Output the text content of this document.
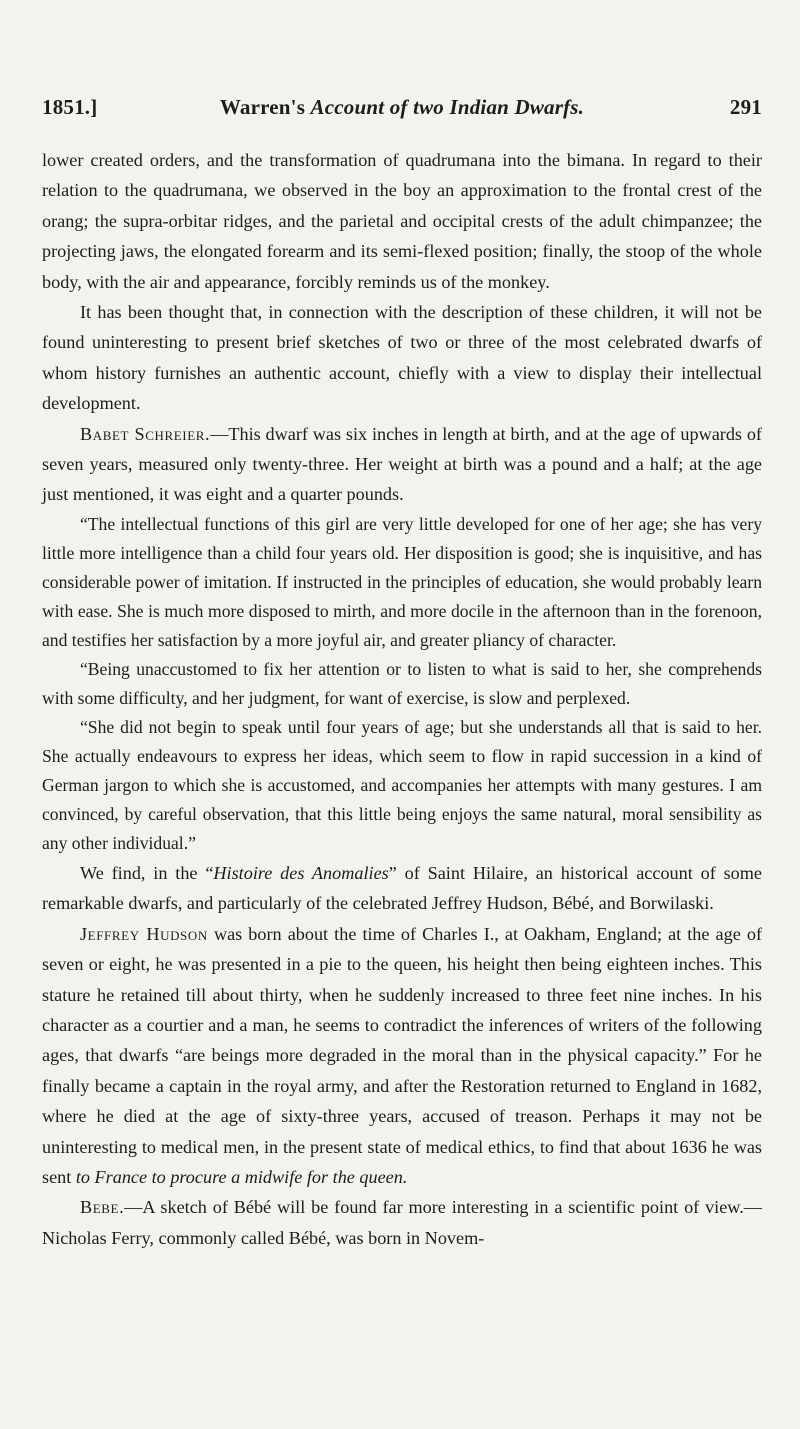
1851.]	Warren's Account of two Indian Dwarfs.	291

lower created orders, and the transformation of quadrumana into the bimana. In regard to their relation to the quadrumana, we observed in the boy an approximation to the frontal crest of the orang; the supra-orbitar ridges, and the parietal and occipital crests of the adult chimpanzee; the projecting jaws, the elongated forearm and its semi-flexed position; finally, the stoop of the whole body, with the air and appearance, forcibly reminds us of the monkey.

It has been thought that, in connection with the description of these children, it will not be found uninteresting to present brief sketches of two or three of the most celebrated dwarfs of whom history furnishes an authentic account, chiefly with a view to display their intellectual development.

Babet Schreier.—This dwarf was six inches in length at birth, and at the age of upwards of seven years, measured only twenty-three. Her weight at birth was a pound and a half; at the age just mentioned, it was eight and a quarter pounds.

“The intellectual functions of this girl are very little developed for one of her age; she has very little more intelligence than a child four years old. Her disposition is good; she is inquisitive, and has considerable power of imitation. If instructed in the principles of education, she would probably learn with ease. She is much more disposed to mirth, and more docile in the afternoon than in the forenoon, and testifies her satisfaction by a more joyful air, and greater pliancy of character.

“Being unaccustomed to fix her attention or to listen to what is said to her, she comprehends with some difficulty, and her judgment, for want of exercise, is slow and perplexed.

“She did not begin to speak until four years of age; but she understands all that is said to her. She actually endeavours to express her ideas, which seem to flow in rapid succession in a kind of German jargon to which she is accustomed, and accompanies her attempts with many gestures. I am convinced, by careful observation, that this little being enjoys the same natural, moral sensibility as any other individual.”

We find, in the “Histoire des Anomalies” of Saint Hilaire, an historical account of some remarkable dwarfs, and particularly of the celebrated Jeffrey Hudson, Bébé, and Borwilaski.

Jeffrey Hudson was born about the time of Charles I., at Oakham, England; at the age of seven or eight, he was presented in a pie to the queen, his height then being eighteen inches. This stature he retained till about thirty, when he suddenly increased to three feet nine inches. In his character as a courtier and a man, he seems to contradict the inferences of writers of the following ages, that dwarfs “are beings more degraded in the moral than in the physical capacity.” For he finally became a captain in the royal army, and after the Restoration returned to England in 1682, where he died at the age of sixty-three years, accused of treason. Perhaps it may not be uninteresting to medical men, in the present state of medical ethics, to find that about 1636 he was sent to France to procure a midwife for the queen.

Bebe.—A sketch of Bébé will be found far more interesting in a scientific point of view.—Nicholas Ferry, commonly called Bébé, was born in Novem-
